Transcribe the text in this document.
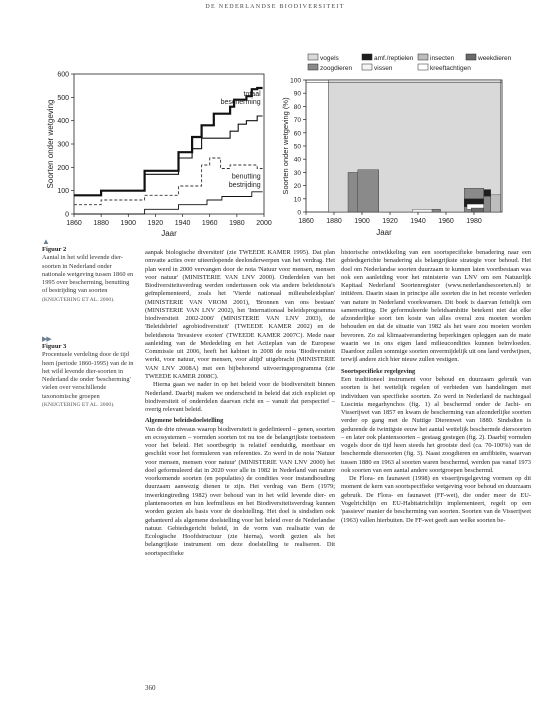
DE NEDERLANDSE BIODIVERSITEIT
1860 1880 1900 1920 1940 1960 1980 2000
0
100
200
300
400
500
600
Jaar
Soorten onder wetgeving
totaal
bescherming
benutting
bestrijding
vogels	amf./reptielen	insecten	weekdieren
zoogdieren	vissen	kreeftachtigen
1860 1880 1900 1920 1940 1960 1980
0
10
20
30
40
50
60
70
80
90
100
Jaar
Soorten onder wetgeving (%)
▲
Figuur 2
Aantal in het wild levende dier-soorten in Nederland onder nationale wetgeving tussen 1860 en 1995 over bescherming, benutting of bestrijding van soorten (KNIJGTERING ET AL. 2000).
▶▶
Figuur 3
Procentuele verdeling door de tijd heen (periode 1860-1995) van de in het wild levende dier-soorten in Nederland die onder 'bescherming' vielen over verschillende taxonomische groepen (KNIJGTERING ET AL. 2000).

aanpak biologische diversiteit' (zie TWEEDE KAMER 1995). Dat plan omvatte acties over uiteenlopende deelonderwerpen van het verdrag. Het plan werd in 2000 vervangen door de nota 'Natuur voor mensen, mensen voor natuur' (MINISTERIE VAN LNV 2000). Onderdelen van het Biodiversiteitsverdrag werden ondertussen ook via andere beleidsnota's geïmplementeerd, zoals het 'Vierde nationaal milieubeleidsplan' (MINISTERIE VAN VROM 2001), 'Bronnen van ons bestaan' (MINISTERIE VAN LNV 2002), het 'Internationaal beleidsprogramma biodiversiteit 2002-2006' (MINISTERIE VAN LNV 2003), de 'Beleidsbrief agrobiodiversiteit' (TWEEDE KAMER 2002) en de beleidsnota 'Invasieve exoten' (TWEEDE KAMER 2007C). Mede naar aanleiding van de Mededeling en het Actieplan van de Europese Commissie uit 2006, heeft het kabinet in 2008 de nota 'Biodiversiteit werkt, voor natuur, voor mensen, voor altijd' uitgebracht (MINISTERIE VAN LNV 2008A) met een bijbehorend uitvoeringsprogramma (zie TWEEDE KAMER 2008C).

Hierna gaan we nader in op het beleid voor de biodiversiteit binnen Nederland. Daarbij maken we onderscheid in beleid dat zich expliciet op biodiversiteit of onderdelen daarvan richt en – vanuit dat perspectief – overig relevant beleid.

Algemene beleidsdoelstelling

Van de drie niveaus waarop biodiversiteit is gedefinieerd – genen, soorten en ecosystemen – vormden soorten tot nu toe de belangrijkste toetssteen voor het beleid. Het soortbegrip is relatief eenduidig, meetbaar en geschikt voor het formuleren van referenties. Zo werd in de nota 'Natuur voor mensen, mensen voor natuur' (MINISTERIE VAN LNV 2000) het doel geformuleerd dat in 2020 voor alle in 1982 in Nederland van nature voorkomende soorten (en populaties) de condities voor instandhouding duurzaam aanwezig dienen te zijn. Het verdrag van Bern (1979; inwerkingtreding 1982) over behoud van in het wild levende dier- en plantensoorten en hun leefmilieus en het Biodiversiteitsverdrag kunnen worden gezien als basis voor de doelstelling. Het doel is sindsdien ook gehanteerd als algemene doelstelling voor het beleid over de Nederlandse natuur. Gebiedsgericht beleid, in de vorm van realisatie van de Ecologische Hoofdstructuur (zie hierna), wordt gezien als het belangrijkste instrument om deze doelstelling te realiseren. Dit soortspecifieke

historische ontwikkeling van een soortspecifieke benadering naar een gebiedsgerichte benadering als belangrijkste strategie voor behoud. Het doel om Nederlandse soorten duurzaam te kunnen laten voortbestaan was ook een aanleiding voor het ministerie van LNV om een Natuurlijk Kapitaal Nederland Soortenregister (www.nederlandsesoorten.nl) te initiëren. Daarin staan in principe alle soorten die in het recente verleden van nature in Nederland voorkwamen. Dit boek is daarvan feitelijk een samenvatting. De geformuleerde beleidsambitie betekent niet dat elke afzonderlijke soort ten koste van alles overal zou moeten worden behouden en dat de situatie van 1982 als het ware zou moeten worden bevroren. Zo zal klimaatverandering beperkingen opleggen aan de mate waarin we in ons eigen land milieucondities kunnen beïnvloeden. Daardoor zullen sommige soorten onvermijdelijk uit ons land verdwijnen, terwijl andere zich hier nieuw zullen vestigen.

Soortspecifieke regelgeving

Een traditioneel instrument voor behoud en duurzaam gebruik van soorten is het wettelijk regelen of verbieden van handelingen met individuen van specifieke soorten. Zo werd in Nederland de nachtegaal Luscinia megarhynchos (fig. 1) al beschermd onder de Jacht- en Visserijwet van 1857 en kwam de bescherming van afzonderlijke soorten verder op gang met de Nuttige Dierenwet van 1880. Sindsdien is gedurende de twintigste eeuw het aantal wettelijk beschermde diersoorten – en later ook plantensoorten – gestaag gestegen (fig. 2). Daarbij vormden vogels door de tijd heen steeds het grootste deel (ca. 70-100%) van de beschermde diersoorten (fig. 3). Naast zoogdieren en amfibieën, waarvan tussen 1880 en 1963 al soorten waren beschermd, werden pas vanaf 1973 ook soorten van een aantal andere soortgroepen beschermd.

De Flora- en faunawet (1998) en visserijregelgeving vormen op dit moment de kern van soortspecifieke wetgeving voor behoud en duurzaam gebruik. De Flora- en faunawet (FF-wet), die onder meer de EU-Vogelrichtlijn en EU-Habitatrichtlijn implementeert, regelt op een 'passieve' manier de bescherming van soorten. Soorten van de Visserijwet (1963) vallen hierbuiten. De FF-wet geeft aan welke soorten be-

360
